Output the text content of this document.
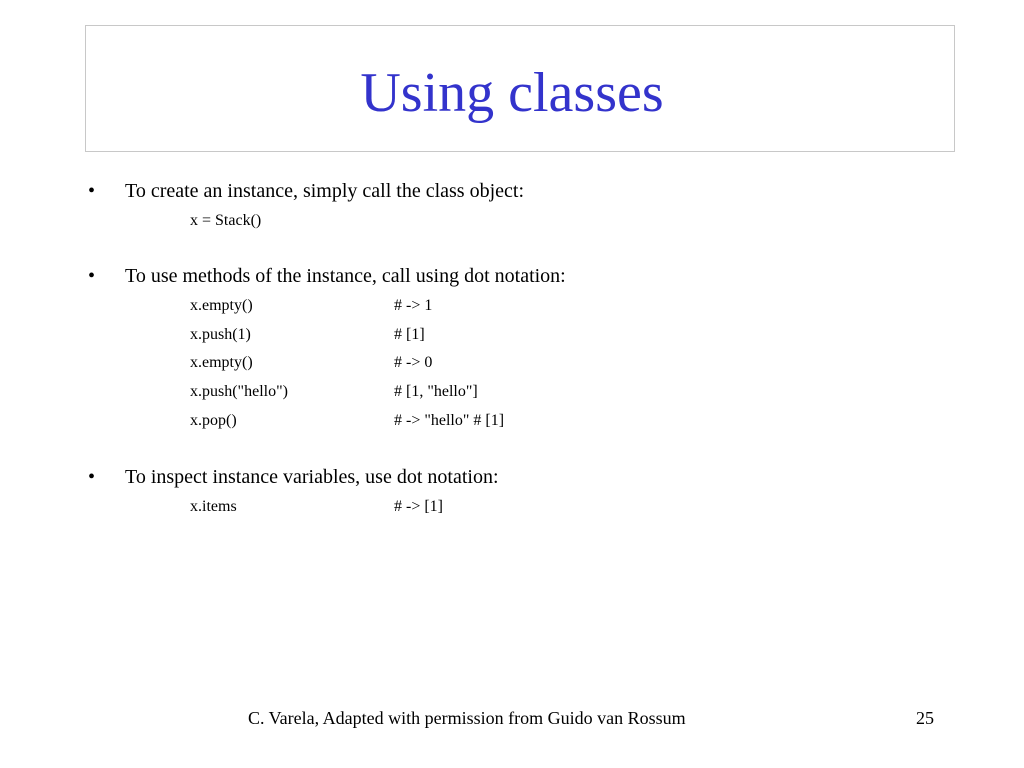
Using classes
• To create an instance, simply call the class object:
x = Stack()
• To use methods of the instance, call using dot notation:
x.empty()	# -> 1
x.push(1)	# [1]
x.empty()	# -> 0
x.push("hello")	# [1, "hello"]
x.pop()	# -> "hello" # [1]
• To inspect instance variables, use dot notation:
x.items	# -> [1]
C. Varela, Adapted with permission from Guido van Rossum	25
